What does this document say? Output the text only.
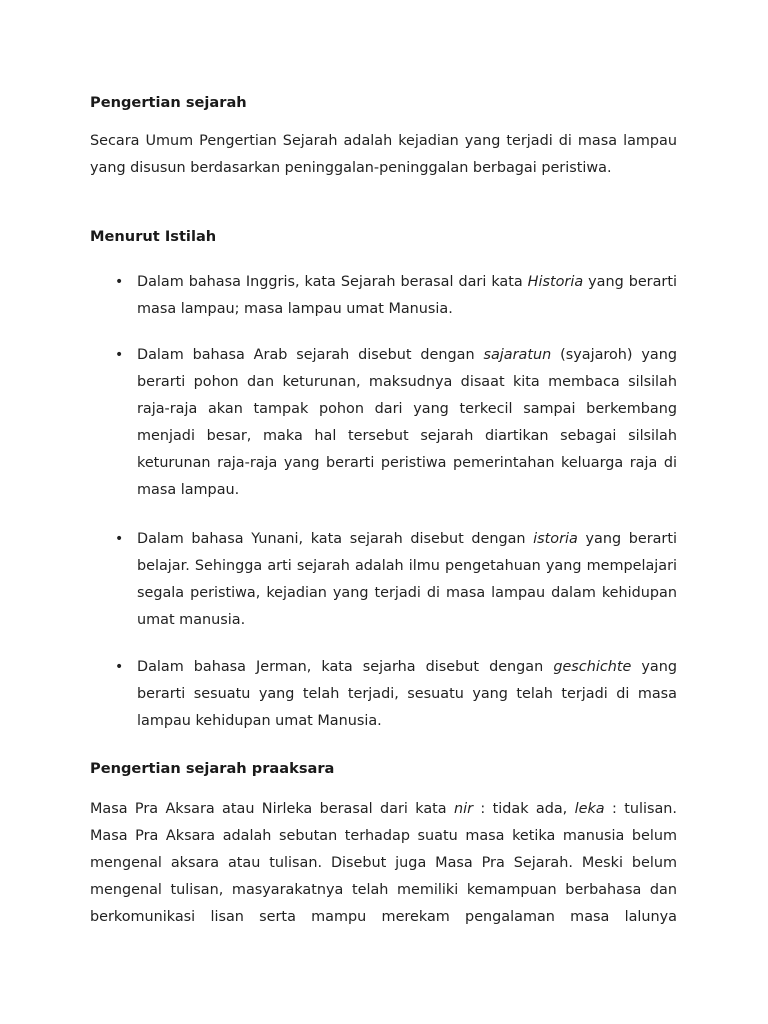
Pengertian sejarah

Secara Umum Pengertian Sejarah adalah kejadian yang terjadi di masa lampau yang disusun berdasarkan peninggalan-peninggalan berbagai peristiwa.

Menurut Istilah
• Dalam bahasa Inggris, kata Sejarah berasal dari kata Historia yang berarti masa lampau; masa lampau umat Manusia.
• Dalam bahasa Arab sejarah disebut dengan sajaratun (syajaroh) yang berarti pohon dan keturunan, maksudnya disaat kita membaca silsilah raja-raja akan tampak pohon dari yang terkecil sampai berkembang menjadi besar, maka hal tersebut sejarah diartikan sebagai silsilah keturunan raja-raja yang berarti peristiwa pemerintahan keluarga raja di masa lampau.
• Dalam bahasa Yunani, kata sejarah disebut dengan istoria yang berarti belajar. Sehingga arti sejarah adalah ilmu pengetahuan yang mempelajari segala peristiwa, kejadian yang terjadi di masa lampau dalam kehidupan umat manusia.
• Dalam bahasa Jerman, kata sejarha disebut dengan geschichte yang berarti sesuatu yang telah terjadi, sesuatu yang telah terjadi di masa lampau kehidupan umat Manusia.
Pengertian sejarah praaksara

Masa Pra Aksara atau Nirleka berasal dari kata nir : tidak ada, leka : tulisan. Masa Pra Aksara adalah sebutan terhadap suatu masa ketika manusia belum mengenal aksara atau tulisan. Disebut juga Masa Pra Sejarah. Meski belum mengenal tulisan, masyarakatnya telah memiliki kemampuan berbahasa dan berkomunikasi lisan serta mampu merekam pengalaman masa lalunya
